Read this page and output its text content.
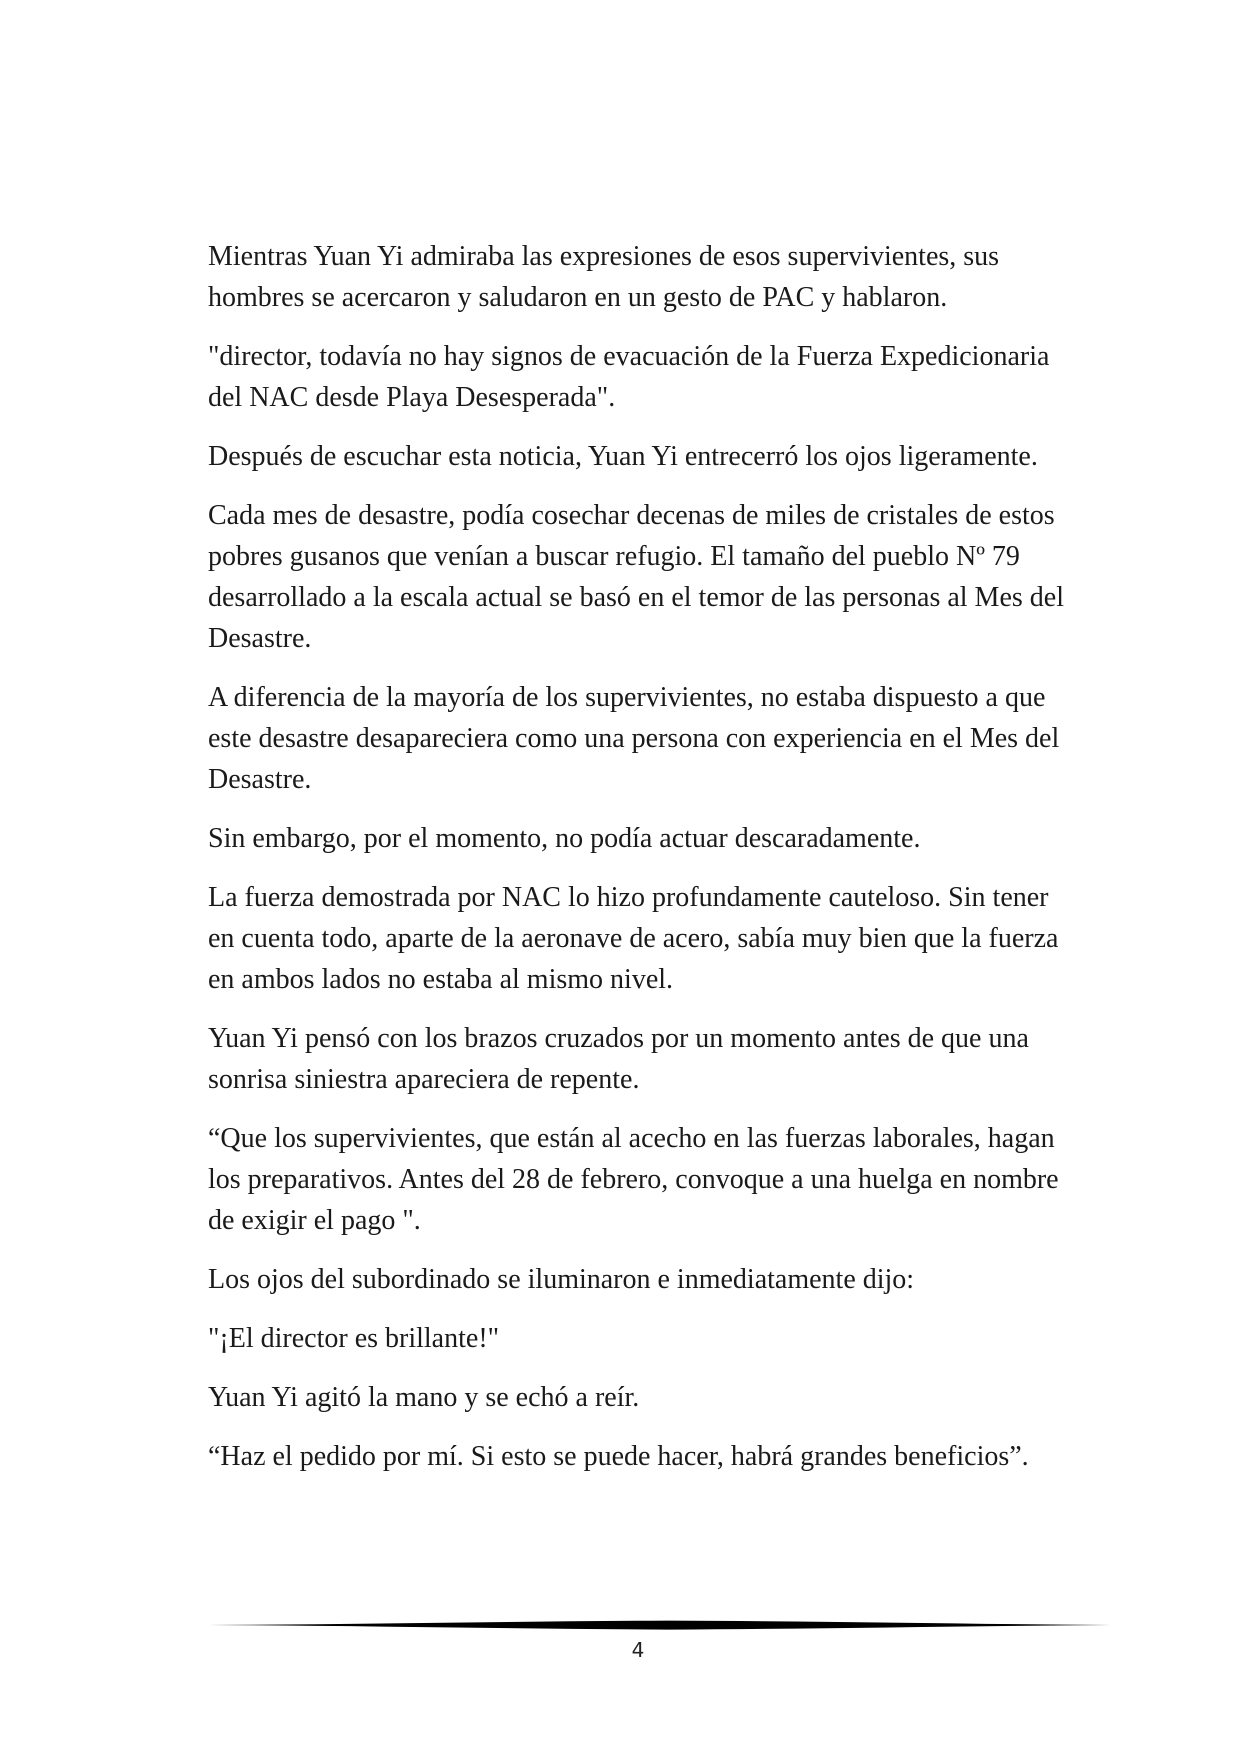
Mientras Yuan Yi admiraba las expresiones de esos supervivientes, sus hombres se acercaron y saludaron en un gesto de PAC y hablaron.

"director, todavía no hay signos de evacuación de la Fuerza Expedicionaria del NAC desde Playa Desesperada".

Después de escuchar esta noticia, Yuan Yi entrecerró los ojos ligeramente.

Cada mes de desastre, podía cosechar decenas de miles de cristales de estos pobres gusanos que venían a buscar refugio. El tamaño del pueblo Nº 79 desarrollado a la escala actual se basó en el temor de las personas al Mes del Desastre.

A diferencia de la mayoría de los supervivientes, no estaba dispuesto a que este desastre desapareciera como una persona con experiencia en el Mes del Desastre.

Sin embargo, por el momento, no podía actuar descaradamente.

La fuerza demostrada por NAC lo hizo profundamente cauteloso. Sin tener en cuenta todo, aparte de la aeronave de acero, sabía muy bien que la fuerza en ambos lados no estaba al mismo nivel.

Yuan Yi pensó con los brazos cruzados por un momento antes de que una sonrisa siniestra apareciera de repente.

“Que los supervivientes, que están al acecho en las fuerzas laborales, hagan los preparativos. Antes del 28 de febrero, convoque a una huelga en nombre de exigir el pago ".

Los ojos del subordinado se iluminaron e inmediatamente dijo:

"¡El director es brillante!"

Yuan Yi agitó la mano y se echó a reír.

“Haz el pedido por mí. Si esto se puede hacer, habrá grandes beneficios”.

4
